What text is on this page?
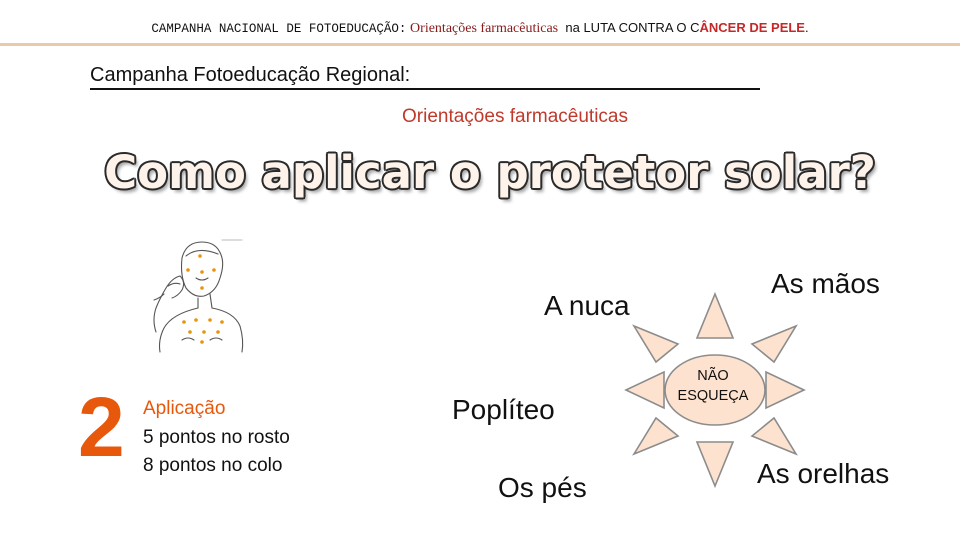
CAMPANHA NACIONAL DE FOTOEDUCAÇÃO: Orientações farmacêuticas na LUTA CONTRA O CÂNCER DE PELE.
Campanha Fotoeducação Regional:
Orientações farmacêuticas
Como aplicar o protetor solar?
2 Aplicação
5 pontos no rosto
8 pontos no colo
A nuca
As mãos
Poplíteo
Os pés	As orelhas
NÃO
ESQUEÇA
